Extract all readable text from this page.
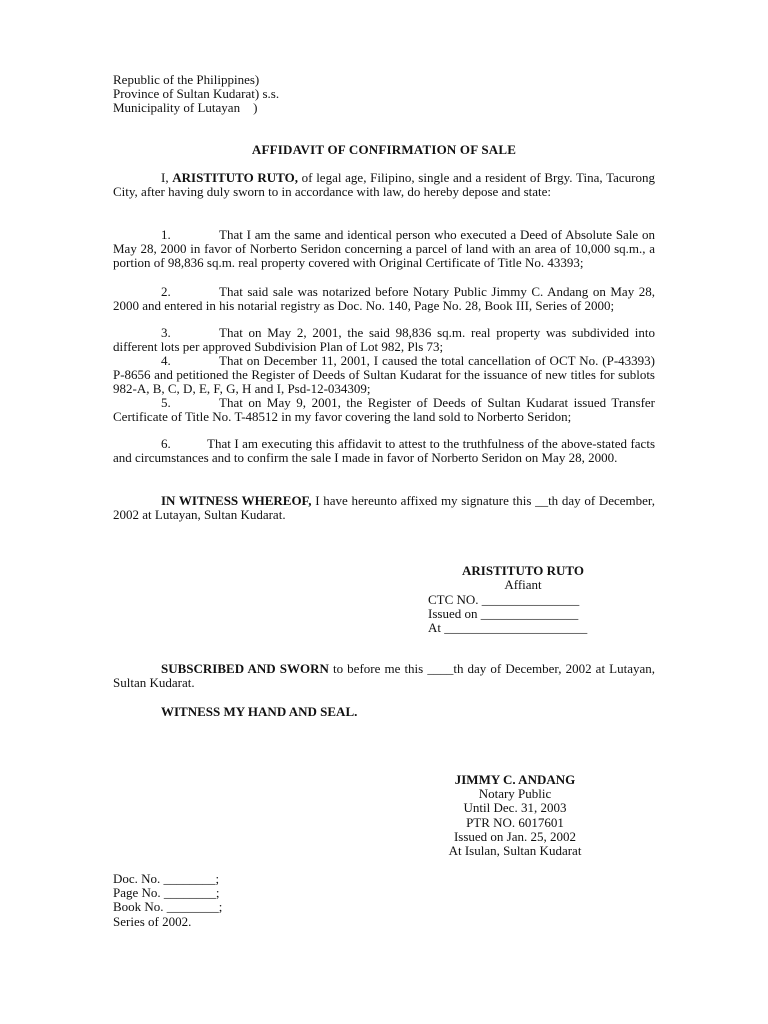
Republic of the Philippines)
Province of Sultan Kudarat) s.s.
Municipality of Lutayan    )
AFFIDAVIT OF CONFIRMATION OF SALE
I, ARISTITUTO RUTO, of legal age, Filipino, single and a resident of Brgy. Tina, Tacurong City, after having duly sworn to in accordance with law, do hereby depose and state:
1.	That I am the same and identical person who executed a Deed of Absolute Sale on May 28, 2000 in favor of Norberto Seridon concerning a parcel of land with an area of 10,000 sq.m., a portion of 98,836 sq.m. real property covered with Original Certificate of Title No. 43393;
2.	That said sale was notarized before Notary Public Jimmy C. Andang on May 28, 2000 and entered in his notarial registry as Doc. No. 140, Page No. 28, Book III, Series of 2000;
3.	That on May 2, 2001, the said 98,836 sq.m. real property was subdivided into different lots per approved Subdivision Plan of Lot 982, Pls 73;
4.	That on December 11, 2001, I caused the total cancellation of OCT No. (P-43393) P-8656 and petitioned the Register of Deeds of Sultan Kudarat for the issuance of new titles for sublots 982-A, B, C, D, E, F, G, H and I, Psd-12-034309;
5.	That on May 9, 2001, the Register of Deeds of Sultan Kudarat issued Transfer Certificate of Title No. T-48512 in my favor covering the land sold to Norberto Seridon;
6.	That I am executing this affidavit to attest to the truthfulness of the above-stated facts and circumstances and to confirm the sale I made in favor of Norberto Seridon on May 28, 2000.
IN WITNESS WHEREOF, I have hereunto affixed my signature this __th day of December, 2002 at Lutayan, Sultan Kudarat.
ARISTITUTO RUTO
Affiant
CTC NO. _______________
Issued on _______________
At ______________________
SUBSCRIBED AND SWORN to before me this ____th day of December, 2002 at Lutayan, Sultan Kudarat.
WITNESS MY HAND AND SEAL.
JIMMY C. ANDANG
Notary Public
Until Dec. 31, 2003
PTR NO. 6017601
Issued on Jan. 25, 2002
At Isulan, Sultan Kudarat
Doc. No. ________;
Page No. ________;
Book No. ________;
Series of 2002.
